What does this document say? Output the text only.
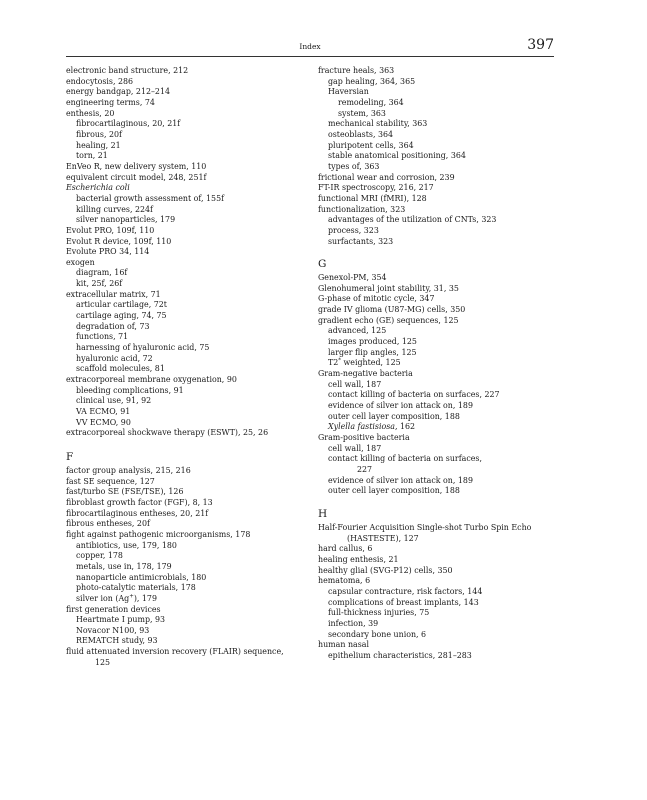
Index	397
electronic band structure, 212
endocytosis, 286
energy bandgap, 212–214
engineering terms, 74
enthesis, 20
fibrocartilaginous, 20, 21f
fibrous, 20f
healing, 21
torn, 21
EnVeo R, new delivery system, 110
equivalent circuit model, 248, 251f
Escherichia coli
bacterial growth assessment of, 155f
killing curves, 224f
silver nanoparticles, 179
Evolut PRO, 109f, 110
Evolut R device, 109f, 110
Evolute PRO 34, 114
exogen
diagram, 16f
kit, 25f, 26f
extracellular matrix, 71
articular cartilage, 72t
cartilage aging, 74, 75
degradation of, 73
functions, 71
harnessing of hyaluronic acid, 75
hyaluronic acid, 72
scaffold molecules, 81
extracorporeal membrane oxygenation, 90
bleeding complications, 91
clinical use, 91, 92
VA ECMO, 91
VV ECMO, 90
extracorporeal shockwave therapy (ESWT), 25, 26
F
factor group analysis, 215, 216
fast SE sequence, 127
fast/turbo SE (FSE/TSE), 126
fibroblast growth factor (FGF), 8, 13
fibrocartilaginous entheses, 20, 21f
fibrous entheses, 20f
fight against pathogenic microorganisms, 178
antibiotics, use, 179, 180
copper, 178
metals, use in, 178, 179
nanoparticle antimicrobials, 180
photo-catalytic materials, 178
silver ion (Ag+), 179
first generation devices
Heartmate I pump, 93
Novacor N100, 93
REMATCH study, 93
fluid attenuated inversion recovery (FLAIR) sequence,
125
fracture heals, 363
gap healing, 364, 365
Haversian
remodeling, 364
system, 363
mechanical stability, 363
osteoblasts, 364
pluripotent cells, 364
stable anatomical positioning, 364
types of, 363
frictional wear and corrosion, 239
FT-IR spectroscopy, 216, 217
functional MRI (fMRI), 128
functionalization, 323
advantages of the utilization of CNTs, 323
process, 323
surfactants, 323
G
Genexol-PM, 354
Glenohumeral joint stability, 31, 35
G-phase of mitotic cycle, 347
grade IV glioma (U87-MG) cells, 350
gradient echo (GE) sequences, 125
advanced, 125
images produced, 125
larger flip angles, 125
T2* weighted, 125
Gram-negative bacteria
cell wall, 187
contact killing of bacteria on surfaces, 227
evidence of silver ion attack on, 189
outer cell layer composition, 188
Xylella fastisiosa, 162
Gram-positive bacteria
cell wall, 187
contact killing of bacteria on surfaces,
227
evidence of silver ion attack on, 189
outer cell layer composition, 188
H
Half-Fourier Acquisition Single-shot Turbo Spin Echo
(HASTESTE), 127
hard callus, 6
healing enthesis, 21
healthy glial (SVG-P12) cells, 350
hematoma, 6
capsular contracture, risk factors, 144
complications of breast implants, 143
full-thickness injuries, 75
infection, 39
secondary bone union, 6
human nasal
epithelium characteristics, 281–283
